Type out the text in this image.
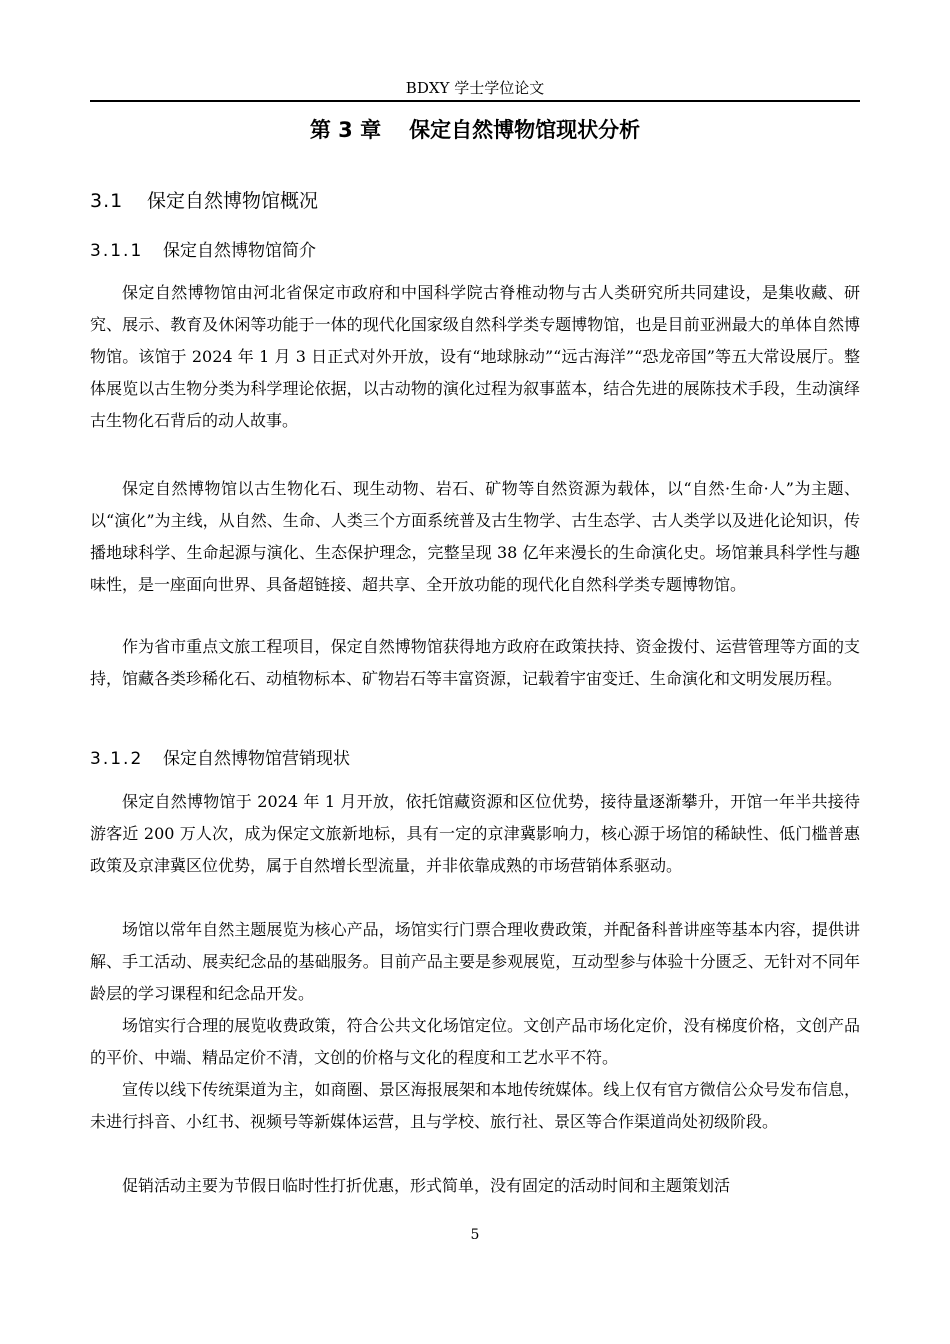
BDXY 学士学位论文
第 3 章 保定自然博物馆现状分析
3.1 保定自然博物馆概况
3.1.1 保定自然博物馆简介

保定自然博物馆由河北省保定市政府和中国科学院古脊椎动物与古人类研究所共同建设，是集收藏、研究、展示、教育及休闲等功能于一体的现代化国家级自然科学类专题博物馆，也是目前亚洲最大的单体自然博物馆。该馆于 2024 年 1 月 3 日正式对外开放，设有“地球脉动”“远古海洋”“恐龙帝国”等五大常设展厅。整体展览以古生物分类为科学理论依据，以古动物的演化过程为叙事蓝本，结合先进的展陈技术手段，生动演绎古生物化石背后的动人故事。

保定自然博物馆以古生物化石、现生动物、岩石、矿物等自然资源为载体，以“自然·生命·人”为主题、以“演化”为主线，从自然、生命、人类三个方面系统普及古生物学、古生态学、古人类学以及进化论知识，传播地球科学、生命起源与演化、生态保护理念，完整呈现 38 亿年来漫长的生命演化史。场馆兼具科学性与趣味性，是一座面向世界、具备超链接、超共享、全开放功能的现代化自然科学类专题博物馆。

作为省市重点文旅工程项目，保定自然博物馆获得地方政府在政策扶持、资金拨付、运营管理等方面的支持，馆藏各类珍稀化石、动植物标本、矿物岩石等丰富资源，记载着宇宙变迁、生命演化和文明发展历程。

3.1.2 保定自然博物馆营销现状

保定自然博物馆于 2024 年 1 月开放，依托馆藏资源和区位优势，接待量逐渐攀升，开馆一年半共接待游客近 200 万人次，成为保定文旅新地标，具有一定的京津冀影响力，核心源于场馆的稀缺性、低门槛普惠政策及京津冀区位优势，属于自然增长型流量，并非依靠成熟的市场营销体系驱动。

场馆以常年自然主题展览为核心产品，场馆实行门票合理收费政策，并配备科普讲座等基本内容，提供讲解、手工活动、展卖纪念品的基础服务。目前产品主要是参观展览，互动型参与体验十分匮乏、无针对不同年龄层的学习课程和纪念品开发。

场馆实行合理的展览收费政策，符合公共文化场馆定位。文创产品市场化定价，没有梯度价格，文创产品的平价、中端、精品定价不清，文创的价格与文化的程度和工艺水平不符。

宣传以线下传统渠道为主，如商圈、景区海报展架和本地传统媒体。线上仅有官方微信公众号发布信息，未进行抖音、小红书、视频号等新媒体运营，且与学校、旅行社、景区等合作渠道尚处初级阶段。

促销活动主要为节假日临时性打折优惠，形式简单，没有固定的活动时间和主题策划活

5
